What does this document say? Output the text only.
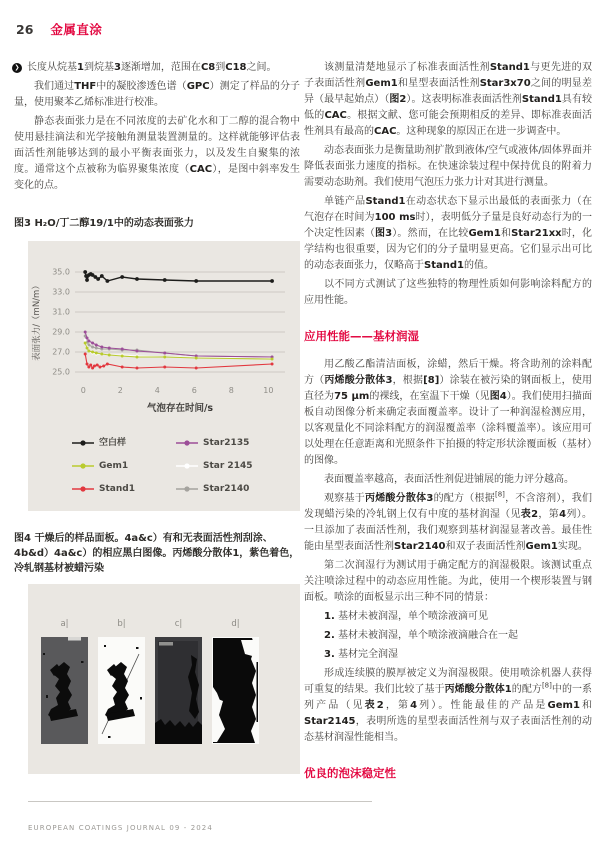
26 金属直涂

❯ 长度从烷基1到烷基3逐渐增加，范围在C8到C18之间。

我们通过THF中的凝胶渗透色谱（GPC）测定了样品的分子量，使用聚苯乙烯标准进行校准。

静态表面张力是在不同浓度的去矿化水和丁二醇的混合物中使用悬挂滴法和光学接触角测量装置测量的。这样就能够评估表面活性剂能够达到的最小平衡表面张力，以及发生自聚集的浓度。通常这个点被称为临界聚集浓度（CAC），是图中斜率发生变化的点。

图3 H₂O/丁二醇19/1中的动态表面张力

25.0
27.0
29.0
31.0
33.0
35.0
0	2	4	6	8	10
气泡存在时间/s
表面张力/（mN/m）
空白样	Star2135
Gem1	Star 2145
Stand1	Star2140

图4 干燥后的样品面板。4a&c）有和无表面活性剂刮涂、4b&d）4a&c）的相应黑白图像。丙烯酸分散体1，紫色着色，冷轧钢基材被蜡污染

a|	b|	c|	d|

该测量清楚地显示了标准表面活性剂Stand1与更先进的双子表面活性剂Gem1和星型表面活性剂Star3x70之间的明显差异（最早起始点）（图2）。这表明标准表面活性剂Stand1具有较低的CAC。根据文献、您可能会预期相反的差异、即标准表面活性剂具有最高的CAC。这种现象的原因正在进一步调查中。

动态表面张力是衡量助剂扩散到液体/空气或液体/固体界面并降低表面张力速度的指标。在快速涂装过程中保持优良的附着力需要动态助剂。我们使用气泡压力张力计对其进行测量。

单链产品Stand1在动态状态下显示出最低的表面张力（在气泡存在时间为100 ms时），表明低分子量是良好动态行为的一个决定性因素（图3）。然而，在比较Gem1和Star21xx时，化学结构也很重要，因为它们的分子量明显更高。它们显示出可比的动态表面张力，仅略高于Stand1的值。

以不同方式测试了这些独特的物理性质如何影响涂料配方的应用性能。

应用性能——基材润湿

用乙酸乙酯清洁面板，涂蜡，然后干燥。将含助剂的涂料配方（丙烯酸分散体3，根据[8]）涂装在被污染的钢面板上，使用直径为75 μm的裸线，在室温下干燥（见图4）。我们使用扫描面板自动图像分析来确定表面覆盖率。设计了一种润湿检测应用，以客观量化不同涂料配方的润湿覆盖率（涂料覆盖率）。该应用可以处理在任意距离和光照条件下拍摄的特定形状涂覆面板（基材）的图像。

表面覆盖率越高，表面活性剂促进铺展的能力评分越高。

观察基于丙烯酸分散体3的配方（根据[8]，不含溶剂），我们发现蜡污染的冷轧钢上仅有中度的基材润湿（见表2，第4列）。一旦添加了表面活性剂，我们观察到基材润湿显著改善。最佳性能由星型表面活性剂Star2140和双子表面活性剂Gem1实现。

第二次润湿行为测试用于确定配方的润湿极限。该测试重点关注喷涂过程中的动态应用性能。为此，使用一个楔形装置与钢面板。喷涂的面板显示出三种不同的情景：

1. 基材未被润湿，单个喷涂液滴可见

2. 基材未被润湿，单个喷涂液滴融合在一起

3. 基材完全润湿

形成连续膜的膜厚被定义为润湿极限。使用喷涂机器人获得可重复的结果。我们比较了基于丙烯酸分散体1的配方[8]中的一系列产品（见表2，第4列）。性能最佳的产品是Gem1和Star2145，表明所选的星型表面活性剂与双子表面活性剂的动态基材润湿性能相当。

优良的泡沫稳定性

EUROPEAN COATINGS JOURNAL 09 - 2024
